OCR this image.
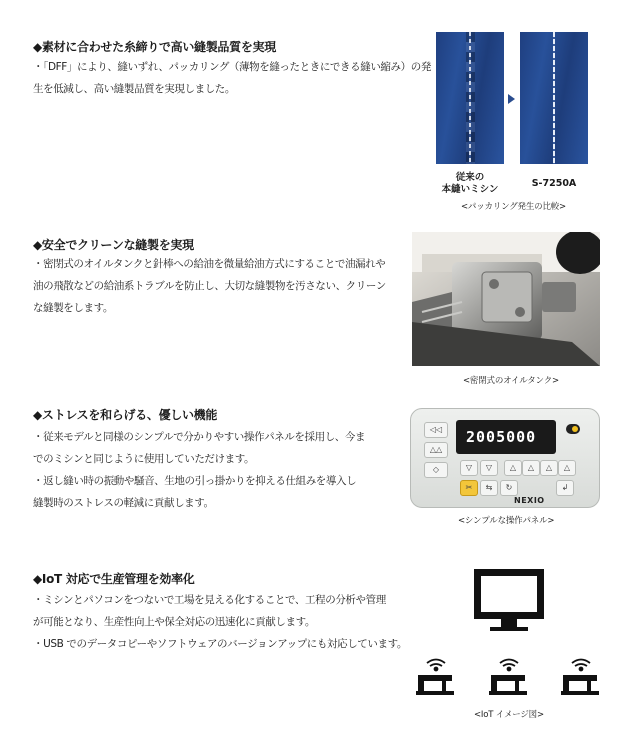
◆素材に合わせた糸締りで高い縫製品質を実現

・「DFF」により、縫いずれ、パッカリング（薄物を縫ったときにできる縫い縮み）の発

生を低減し、高い縫製品質を実現しました。

従来の
本縫いミシン
S-7250A
<パッカリング発生の比較>
◆安全でクリーンな縫製を実現

・密閉式のオイルタンクと針棒への給油を微量給油方式にすることで油漏れや

油の飛散などの給油系トラブルを防止し、大切な縫製物を汚さない、クリーン

な縫製をします。

<密閉式のオイルタンク>
◆ストレスを和らげる、優しい機能

・従来モデルと同様のシンプルで分かりやすい操作パネルを採用し、今ま

でのミシンと同じように使用していただけます。

・返し縫い時の振動や騒音、生地の引っ掛かりを抑える仕組みを導入し

縫製時のストレスの軽減に貢献します。

◁◁
△△
◇
2005000
▽	▽	△	△	△	△
✂	⇆	↻	↲
NEXIO
<シンプルな操作パネル>
◆IoT 対応で生産管理を効率化

・ミシンとパソコンをつないで工場を見える化することで、工程の分析や管理

が可能となり、生産性向上や保全対応の迅速化に貢献します。

・USB でのデータコピーやソフトウェアのバージョンアップにも対応しています。

<IoT イメージ図>
